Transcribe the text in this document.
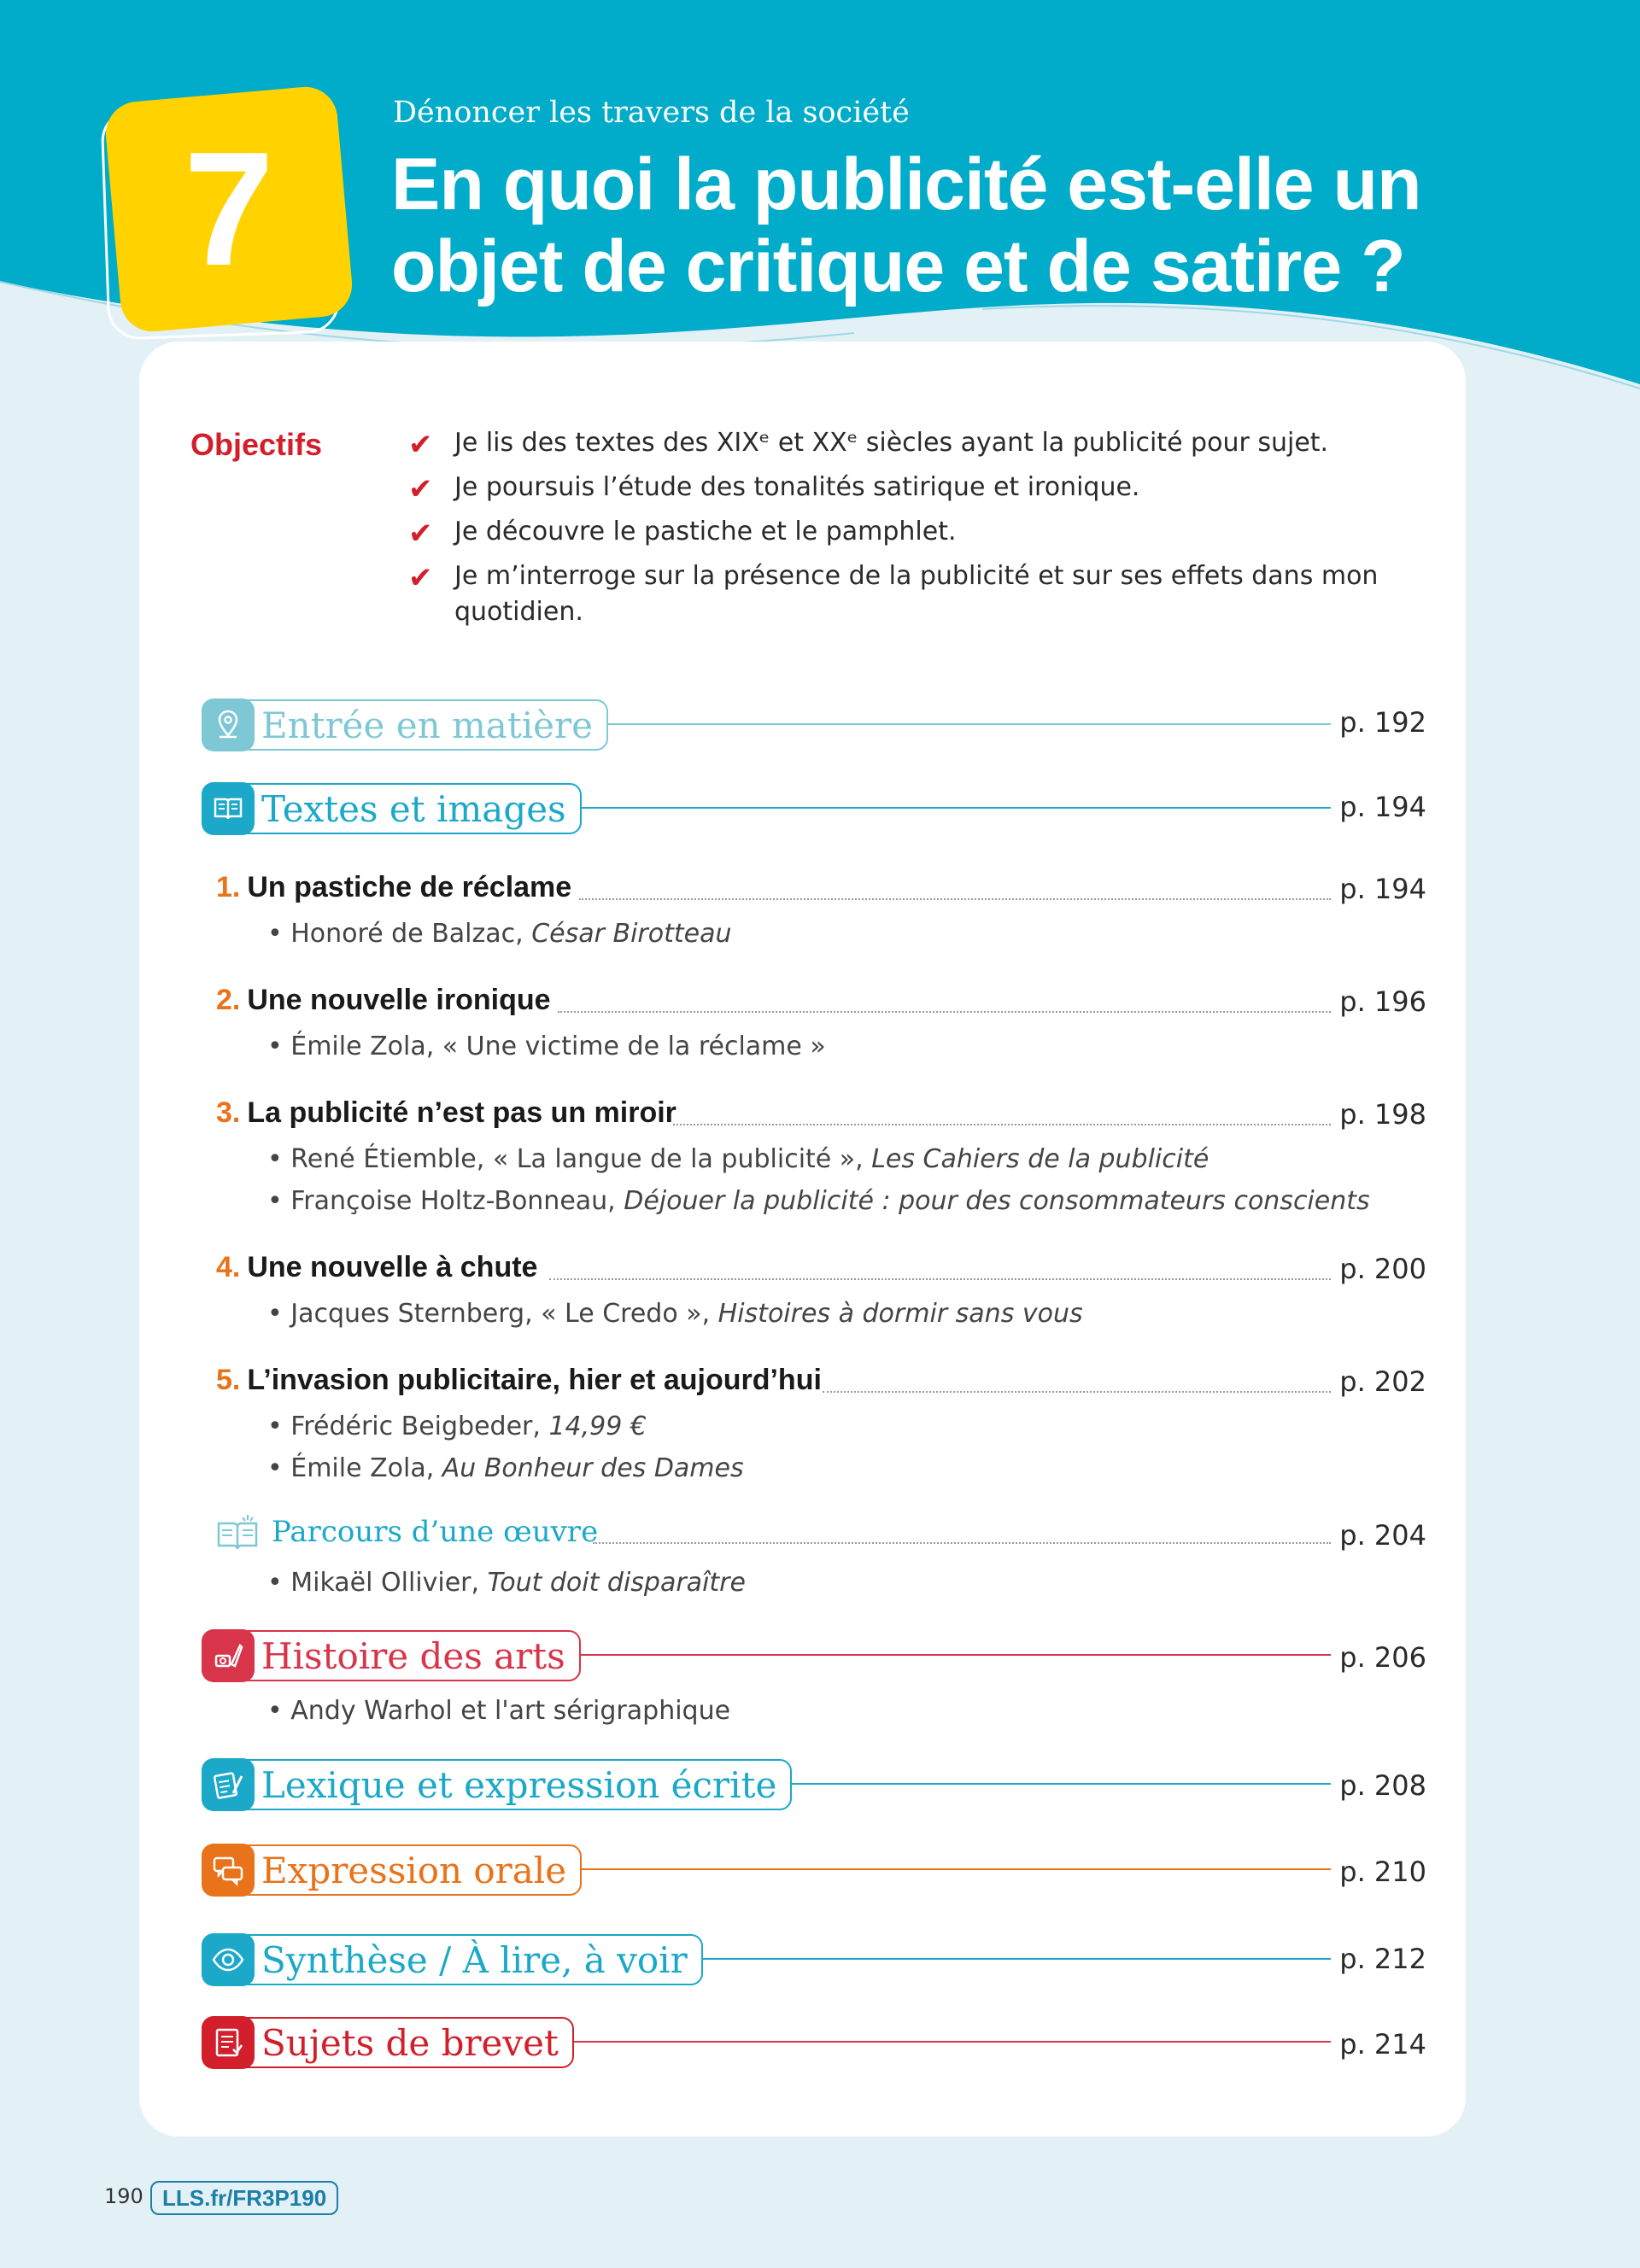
7
Dénoncer les travers de la société
En quoi la publicité est-elle un
objet de critique et de satire ?
Objectifs	✔ Je lis des textes des XIXᵉ et XXᵉ siècles ayant la publicité pour sujet.
✔ Je poursuis l’étude des tonalités satirique et ironique.
✔ Je découvre le pastiche et le pamphlet.
✔ Je m’interroge sur la présence de la publicité et sur ses effets dans mon quotidien.
Entrée en matière	p. 192
Textes et images	p. 194
1. Un pastiche de réclame	p. 194
• Honoré de Balzac, César Birotteau
2. Une nouvelle ironique	p. 196
• Émile Zola, « Une victime de la réclame »
3. La publicité n’est pas un miroir	p. 198
• René Étiemble, « La langue de la publicité », Les Cahiers de la publicité
• Françoise Holtz-Bonneau, Déjouer la publicité : pour des consommateurs conscients
4. Une nouvelle à chute	p. 200
• Jacques Sternberg, « Le Credo », Histoires à dormir sans vous
5. L’invasion publicitaire, hier et aujourd’hui	p. 202
• Frédéric Beigbeder, 14,99 €
• Émile Zola, Au Bonheur des Dames
Parcours d’une œuvre	p. 204
• Mikaël Ollivier, Tout doit disparaître
Histoire des arts	p. 206
• Andy Warhol et l'art sérigraphique
Lexique et expression écrite	p. 208
Expression orale	p. 210
Synthèse / À lire, à voir	p. 212
Sujets de brevet	p. 214
190 LLS.fr/FR3P190
